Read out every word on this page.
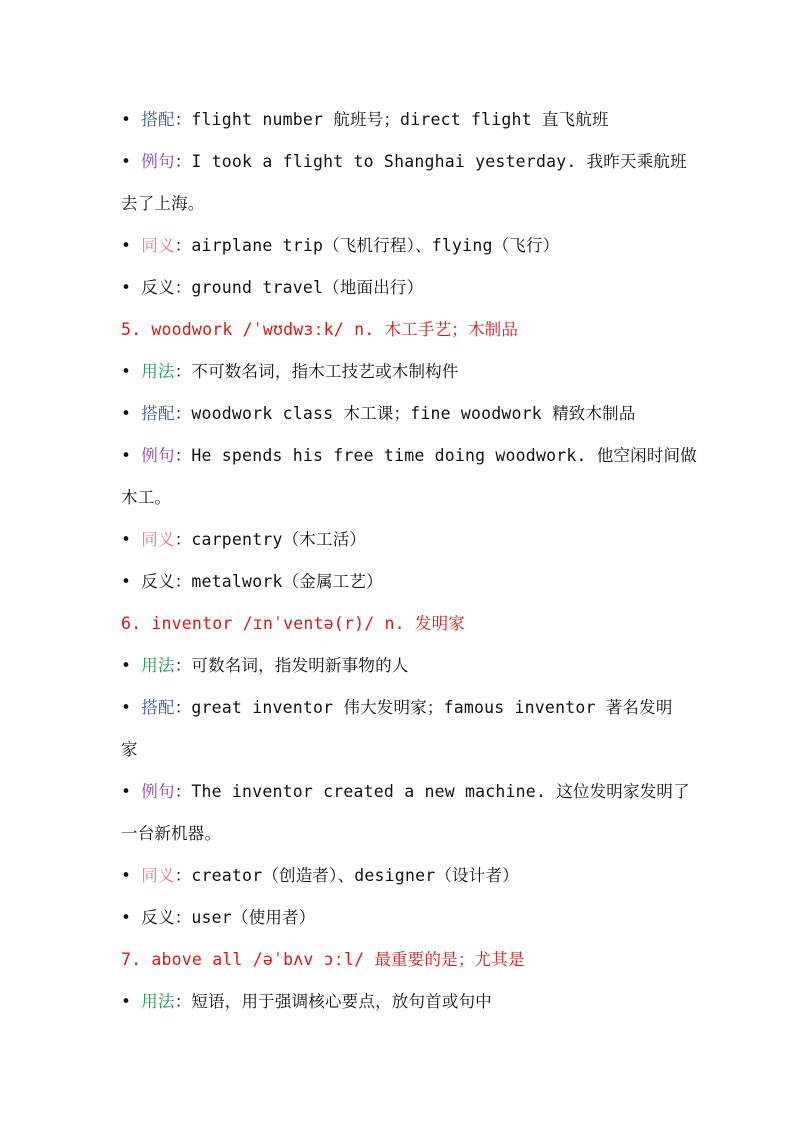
• 搭配：flight number 航班号；direct flight 直飞航班
• 例句：I took a flight to Shanghai yesterday. 我昨天乘航班
去了上海。
• 同义：airplane trip（飞机行程）、flying（飞行）
• 反义：ground travel（地面出行）
5. woodwork /ˈwʊdwɜːk/ n. 木工手艺；木制品
• 用法：不可数名词，指木工技艺或木制构件
• 搭配：woodwork class 木工课；fine woodwork 精致木制品
• 例句：He spends his free time doing woodwork. 他空闲时间做
木工。
• 同义：carpentry（木工活）
• 反义：metalwork（金属工艺）
6. inventor /ɪnˈventə(r)/ n. 发明家
• 用法：可数名词，指发明新事物的人
• 搭配：great inventor 伟大发明家；famous inventor 著名发明
家
• 例句：The inventor created a new machine. 这位发明家发明了
一台新机器。
• 同义：creator（创造者）、designer（设计者）
• 反义：user（使用者）
7. above all /əˈbʌv ɔːl/ 最重要的是；尤其是
• 用法：短语，用于强调核心要点，放句首或句中
